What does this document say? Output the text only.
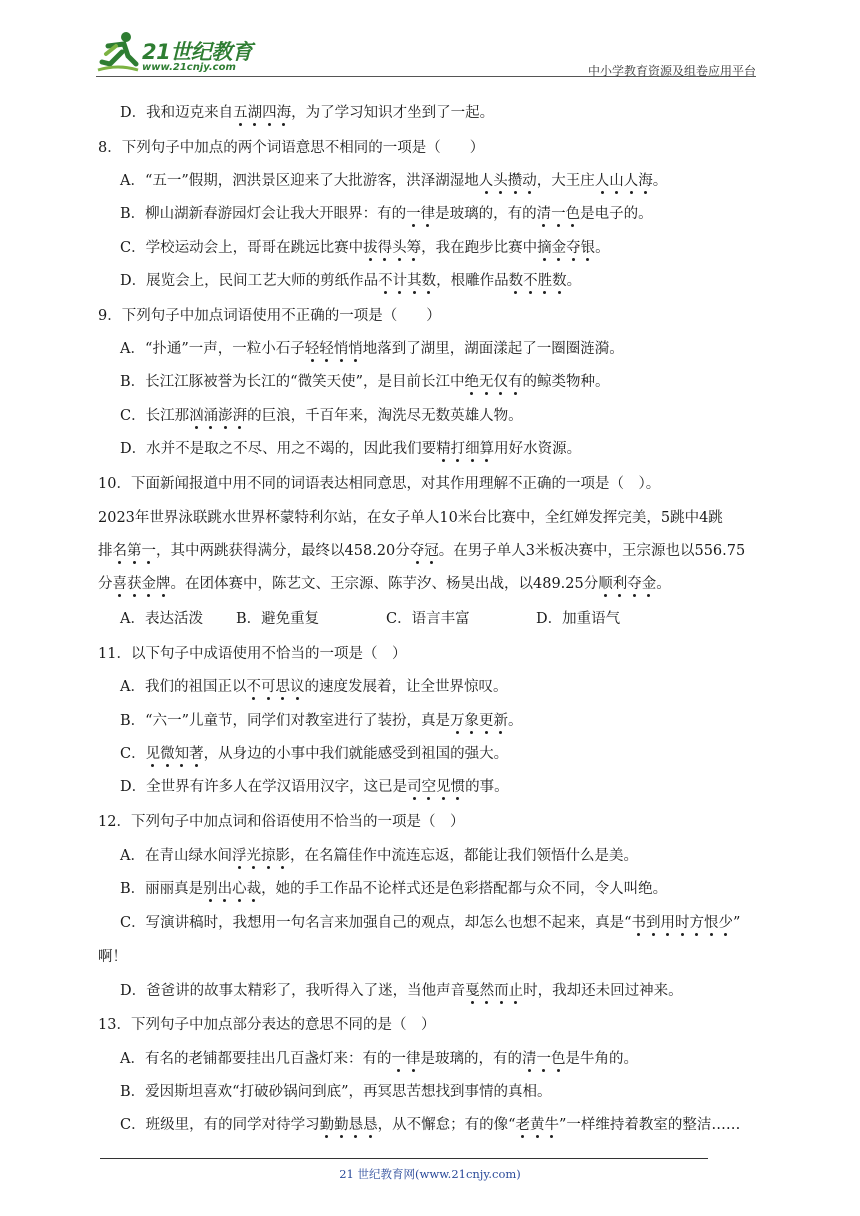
21世纪教育
www.21cnjy.com	中小学教育资源及组卷应用平台
D．我和迈克来自五湖四海，为了学习知识才坐到了一起。
8．下列句子中加点的两个词语意思不相同的一项是（　　）
A．“五一”假期，泗洪景区迎来了大批游客，洪泽湖湿地人头攒动，大王庄人山人海。
B．柳山湖新春游园灯会让我大开眼界：有的一律是玻璃的，有的清一色是电子的。
C．学校运动会上，哥哥在跳远比赛中拔得头筹，我在跑步比赛中摘金夺银。
D．展览会上，民间工艺大师的剪纸作品不计其数，根雕作品数不胜数。
9．下列句子中加点词语使用不正确的一项是（　　）
A．“扑通”一声，一粒小石子轻轻悄悄地落到了湖里，湖面漾起了一圈圈涟漪。
B．长江江豚被誉为长江的“微笑天使”，是目前长江中绝无仅有的鲸类物种。
C．长江那汹涌澎湃的巨浪，千百年来，淘洗尽无数英雄人物。
D．水并不是取之不尽、用之不竭的，因此我们要精打细算用好水资源。
10．下面新闻报道中用不同的词语表达相同意思，对其作用理解不正确的一项是（　）。
2023年世界泳联跳水世界杯蒙特利尔站，在女子单人10米台比赛中，全红婵发挥完美，5跳中4跳
排名第一，其中两跳获得满分，最终以458.20分夺冠。在男子单人3米板决赛中，王宗源也以556.75
分喜获金牌。在团体赛中，陈艺文、王宗源、陈芋汐、杨昊出战，以489.25分顺利夺金。
A．表达活泼 B．避免重复	C．语言丰富	D．加重语气
11．以下句子中成语使用不恰当的一项是（　）
A．我们的祖国正以不可思议的速度发展着，让全世界惊叹。
B．“六一”儿童节，同学们对教室进行了装扮，真是万象更新。
C．见微知著，从身边的小事中我们就能感受到祖国的强大。
D．全世界有许多人在学汉语用汉字，这已是司空见惯的事。
12．下列句子中加点词和俗语使用不恰当的一项是（　）
A．在青山绿水间浮光掠影，在名篇佳作中流连忘返，都能让我们领悟什么是美。
B．丽丽真是别出心裁，她的手工作品不论样式还是色彩搭配都与众不同，令人叫绝。
C．写演讲稿时，我想用一句名言来加强自己的观点，却怎么也想不起来，真是“书到用时方恨少”
啊！
D．爸爸讲的故事太精彩了，我听得入了迷，当他声音戛然而止时，我却还未回过神来。
13．下列句子中加点部分表达的意思不同的是（　）
A．有名的老铺都要挂出几百盏灯来：有的一律是玻璃的，有的清一色是牛角的。
B．爱因斯坦喜欢“打破砂锅问到底”，再冥思苦想找到事情的真相。
C．班级里，有的同学对待学习勤勤恳恳，从不懈怠；有的像“老黄牛”一样维持着教室的整洁……
21 世纪教育网(www.21cnjy.com)
